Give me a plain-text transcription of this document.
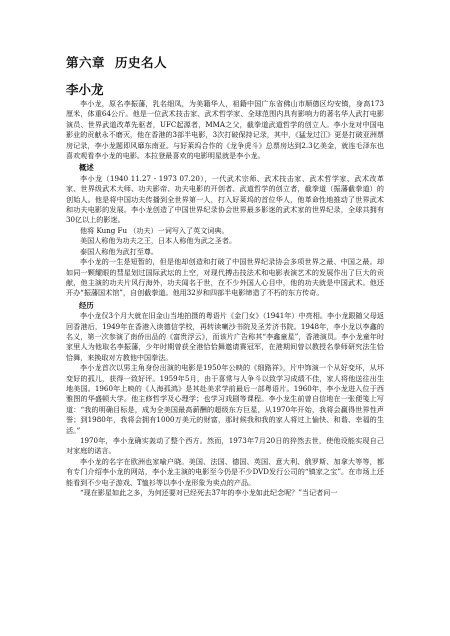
第六章 历史名人
李小龙

李小龙，原名李振藩，乳名细凤，为美籍华人，祖籍中国广东省佛山市顺德区均安镇，身高173厘米，体重64公斤。他是一位武术技击家、武术哲学家、全球范围内具有影响力的著名华人武打电影演员、世界武道改革先驱者，UFC起源者，MMA之父，截拳道武道哲学的创立人。李小龙对中国电影业的贡献永不磨灭，他在香港的3部半电影，3次打破保持记录，其中，《猛龙过江》更是打破亚洲票房记录，李小龙题即风靡东南亚。与好莱坞合作的《龙争虎斗》总票房达到2.3亿美金，就连毛泽东也喜欢观看李小龙的电影。本拉登最喜欢的电影明星就是李小龙。

概述

李小龙（1940 11.27 - 1973 07.20），一代武术宗师、武术技击家、武术哲学家、武术改革家、世界级武术大师、功夫影帝、功夫电影的开创者、武道哲学的创立者，截拳道（振藩截拳道）的创始人。他是将中国功夫传播到全世界第一人，打入好莱坞的首位华人，他革命性地推动了世界武术和功夫电影的发展。李小龙创造了中国世界纪录协会世界最多影迷的武术家的世界纪录，全球共拥有30亿以上的影迷。

他将 Kung Fu （功夫）一词写入了英文词典。

美国人称他为功夫之王，日本人称他为武之圣者。

泰国人称他为武打至尊。

李小龙的一生是短暂的，但是他却创造和打破了中国世界纪录协会多项世界之最、中国之最。却如同一颗耀眼的彗星划过国际武坛的上空，对现代搏击技法术和电影表演艺术的发展作出了巨大的贡献，他主演的功夫片风行海外，功夫闻名于世，在不少外国人心目中，他的功夫就是中国武术。他还开办“振藩国术馆”，自创截拳道。他用32岁和四部半电影缔造了不朽的东方传奇。

经历

李小龙仅3个月大就在旧金山当地拍摄的粤语片《金门女》（1941年）中亮相。李小龙跟随父母返回香港后，1949年在香港入读德信学校，再转读喇沙书院及圣芳济书院。1948年，李小龙以李鑫的名义，第一次参演了南侨出品的《富贵浮云》，而该片广告称其“李鑫童星”，香港演员。李小龙童年时家里人为他取名李振藩，少年时期曾获全港恰恰舞邀请赛冠军，在港期间曾以教授名拳师研究法生恰恰舞，来换取对方教他中国拳法。

李小龙首次以男主角身份出演的电影是1950年公映的《细路祥》，片中饰演一个从好变坏，从坏变好的孤儿，获得一致好评。1959年5月，由于喜常与人争斗以致学习成绩不佳，家人将他送往出生地美国。1960年上映的《人海孤鸿》是其赴美求学前最后一部粤语片。1960年，李小龙进入位于西雅图的华盛顿大学。他主修哲学及心理学；也学习戏剧等课程。李小龙生前曾自信地在一张便笺上写道：“我的明确目标是，成为全美国最高薪酬的超级东方巨星，从1970年开始，我将会赢得世界性声誉；到1980年，我将会拥有1000万美元的财富，那时候我和我的家人将过上愉快、和谐、幸福的生活。”

1970年，李小龙确实轰动了整个西方。然而，1973年7月20日的猝然去世，使他设能实现自己对家庭的诺言。

李小龙的名字在欧洲也家喻户晓。美国、法国、德国、英国、意大利、俄罗斯、加拿大等等，都有专门介绍李小龙的网站，李小龙主演的电影至今仍是不少DVD发行公司的“镇家之宝”。在市场上还能看到不少电子游戏、T恤衫等以李小龙形象为卖点的产品。

“现在影星如此之多，为何还要对已经死去37年的李小龙如此纪念呢？”当记者问一
